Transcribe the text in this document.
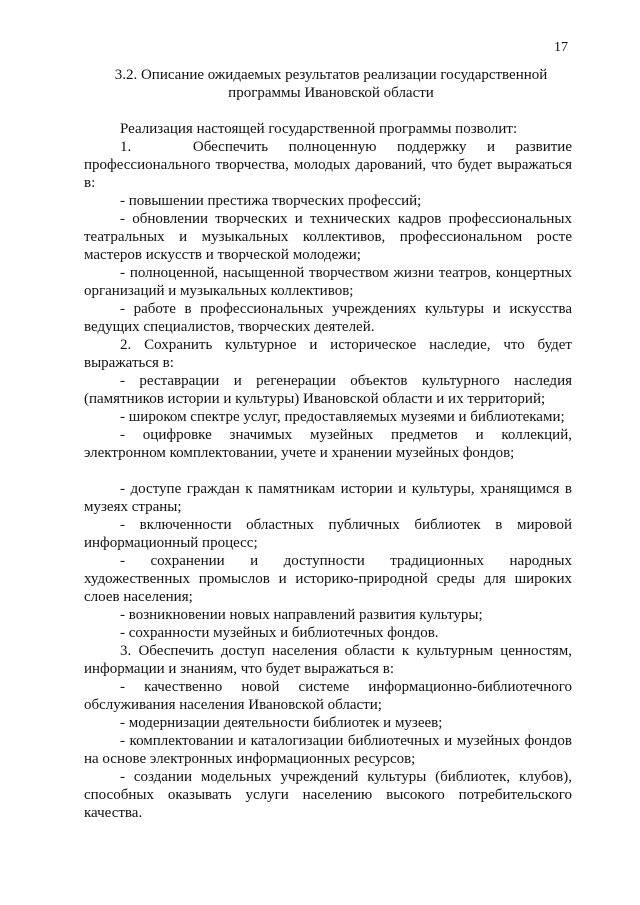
17
3.2. Описание ожидаемых результатов реализации государственной программы Ивановской области

Реализация настоящей государственной программы позволит:

1.   Обеспечить полноценную поддержку и развитие профессионального творчества, молодых дарований, что будет выражаться в:

- повышении престижа творческих профессий;

- обновлении творческих и технических кадров профессиональных театральных и музыкальных коллективов, профессиональном росте мастеров искусств и творческой молодежи;

- полноценной, насыщенной творчеством жизни театров, концертных организаций и музыкальных коллективов;

- работе в профессиональных учреждениях культуры и искусства ведущих специалистов, творческих деятелей.

2. Сохранить культурное и историческое наследие, что будет выражаться в:

- реставрации и регенерации объектов культурного наследия (памятников истории и культуры) Ивановской области и их территорий;

- широком спектре услуг, предоставляемых музеями и библиотеками;

- оцифровке значимых музейных предметов и коллекций, электронном комплектовании, учете и хранении музейных фондов;

- доступе граждан к памятникам истории и культуры, хранящимся в музеях страны;

- включенности областных публичных библиотек в мировой информационный процесс;

- сохранении и доступности традиционных народных художественных промыслов и историко-природной среды для широких слоев населения;

- возникновении новых направлений развития культуры;

- сохранности музейных и библиотечных фондов.

3. Обеспечить доступ населения области к культурным ценностям, информации и знаниям, что будет выражаться в:

- качественно новой системе информационно-библиотечного обслуживания населения Ивановской области;

- модернизации деятельности библиотек и музеев;

- комплектовании и каталогизации библиотечных и музейных фондов на основе электронных информационных ресурсов;

- создании модельных учреждений культуры (библиотек, клубов), способных оказывать услуги населению высокого потребительского качества.
